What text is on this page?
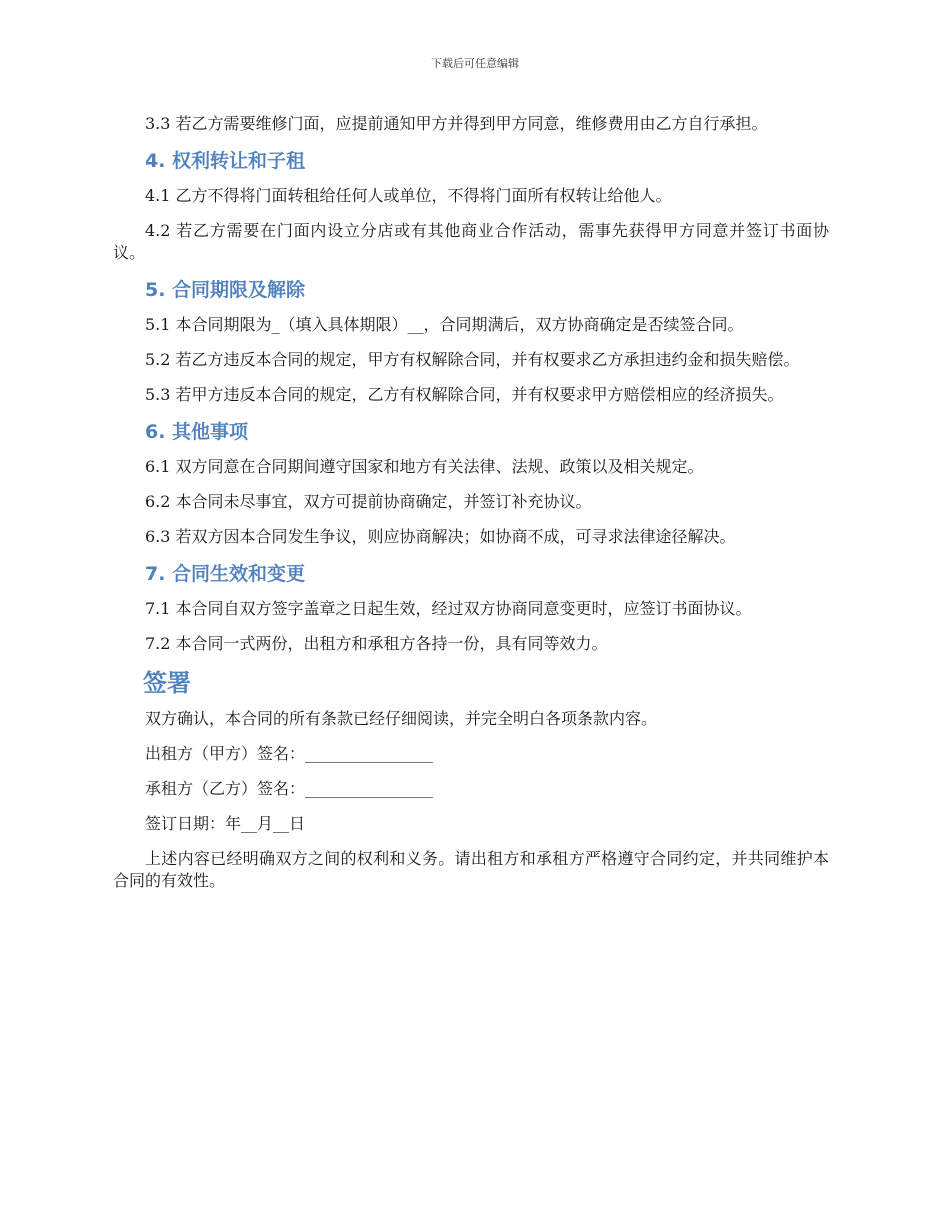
下载后可任意编辑

3.3 若乙方需要维修门面，应提前通知甲方并得到甲方同意，维修费用由乙方自行承担。

4. 权利转让和子租

4.1 乙方不得将门面转租给任何人或单位，不得将门面所有权转让给他人。

4.2 若乙方需要在门面内设立分店或有其他商业合作活动，需事先获得甲方同意并签订书面协议。

5. 合同期限及解除

5.1 本合同期限为_（填入具体期限）__，合同期满后，双方协商确定是否续签合同。

5.2 若乙方违反本合同的规定，甲方有权解除合同，并有权要求乙方承担违约金和损失赔偿。

5.3 若甲方违反本合同的规定，乙方有权解除合同，并有权要求甲方赔偿相应的经济损失。

6. 其他事项

6.1 双方同意在合同期间遵守国家和地方有关法律、法规、政策以及相关规定。

6.2 本合同未尽事宜，双方可提前协商确定，并签订补充协议。

6.3 若双方因本合同发生争议，则应协商解决；如协商不成，可寻求法律途径解决。

7. 合同生效和变更

7.1 本合同自双方签字盖章之日起生效，经过双方协商同意变更时，应签订书面协议。

7.2 本合同一式两份，出租方和承租方各持一份，具有同等效力。

签署

双方确认，本合同的所有条款已经仔细阅读，并完全明白各项条款内容。

出租方（甲方）签名：________________

承租方（乙方）签名：________________

签订日期：年__月__日

上述内容已经明确双方之间的权利和义务。请出租方和承租方严格遵守合同约定，并共同维护本合同的有效性。
